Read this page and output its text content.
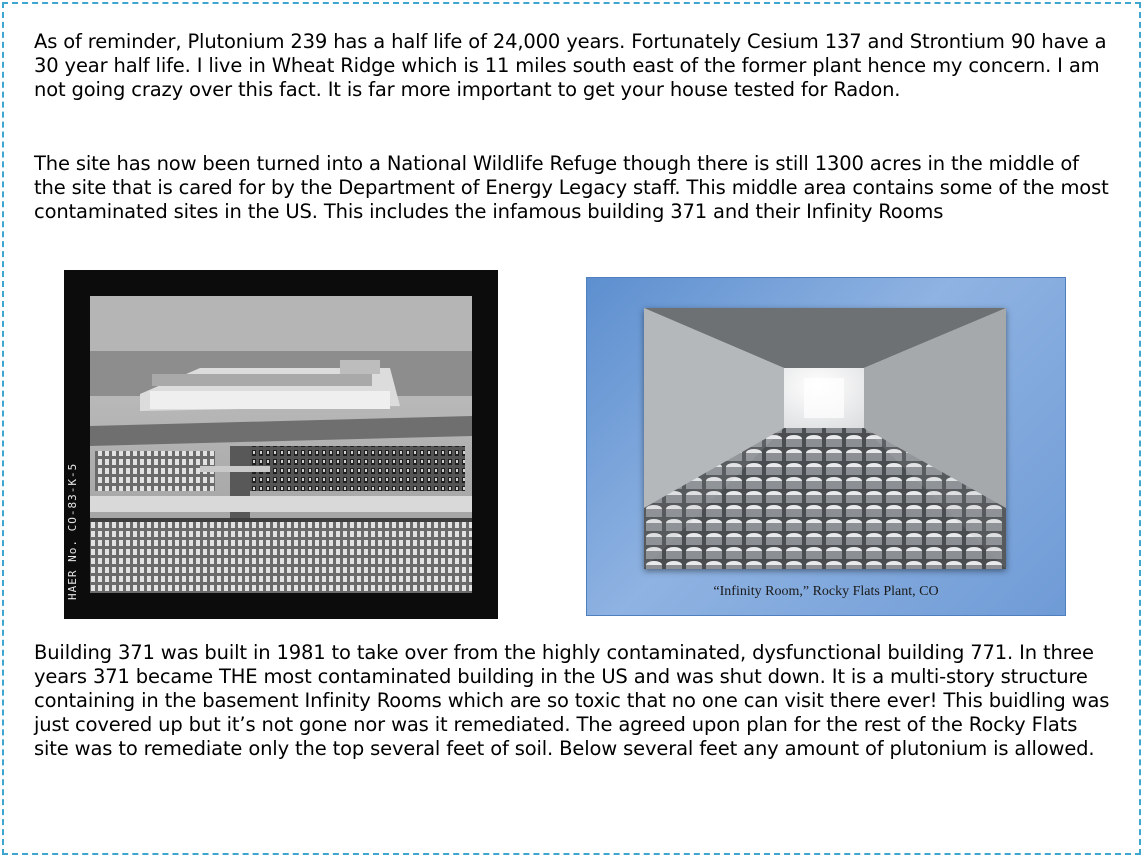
As of reminder, Plutonium 239 has a half life of 24,000 years. Fortunately Cesium 137 and Strontium 90 have a 30 year half life. I live in Wheat Ridge which is 11 miles south east of the former plant hence my concern. I am not going crazy over this fact. It is far more important to get your house tested for Radon.

The site has now been turned into a National Wildlife Refuge though there is still 1300 acres in the middle of the site that is cared for by the Department of Energy Legacy staff. This middle area contains some of the most contaminated sites in the US. This includes the infamous building 371 and their Infinity Rooms

HAER No. CO-83-K-5	“Infinity Room,” Rocky Flats Plant, CO

Building 371 was built in 1981 to take over from the highly contaminated, dysfunctional building 771. In three years 371 became THE most contaminated building in the US and was shut down. It is a multi-story structure containing in the basement Infinity Rooms which are so toxic that no one can visit there ever! This buidling was just covered up but it’s not gone nor was it remediated. The agreed upon plan for the rest of the Rocky Flats site was to remediate only the top several feet of soil. Below several feet any amount of plutonium is allowed.
